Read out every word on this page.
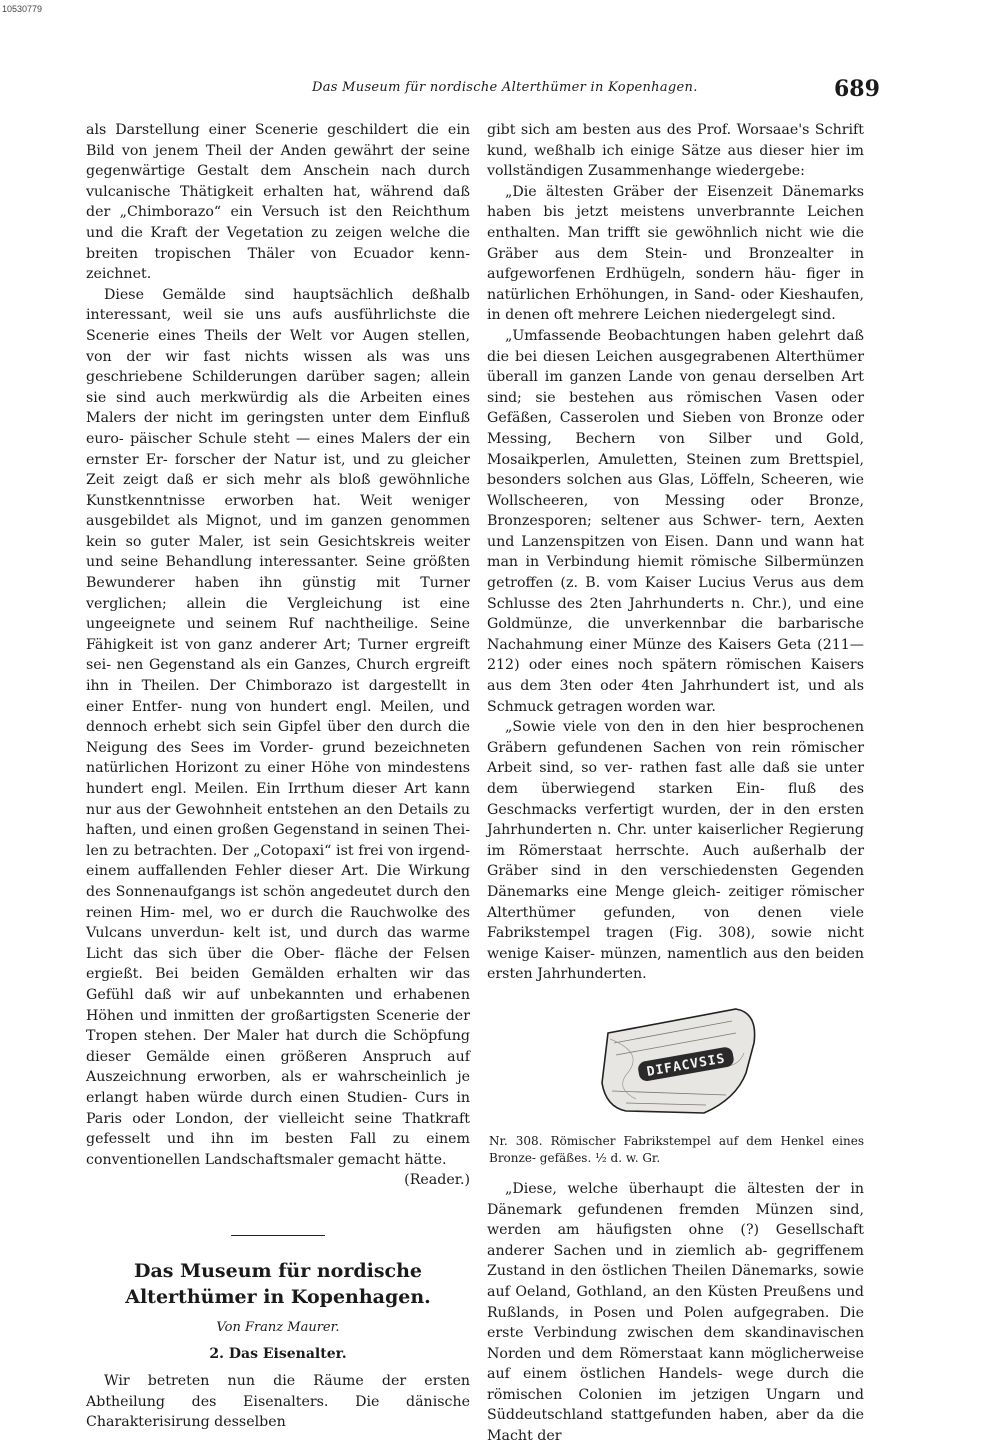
10530779
Das Museum für nordische Alterthümer in Kopenhagen.	689

als Darstellung einer Scenerie geschildert die ein Bild von jenem Theil der Anden gewährt der seine gegenwärtige Gestalt dem Anschein nach durch vulcanische Thätigkeit erhalten hat, während daß der „Chimborazo“ ein Versuch ist den Reichthum und die Kraft der Vegetation zu zeigen welche die breiten tropischen Thäler von Ecuador kenn- zeichnet.

Diese Gemälde sind hauptsächlich deßhalb interessant, weil sie uns aufs ausführlichste die Scenerie eines Theils der Welt vor Augen stellen, von der wir fast nichts wissen als was uns geschriebene Schilderungen darüber sagen; allein sie sind auch merkwürdig als die Arbeiten eines Malers der nicht im geringsten unter dem Einfluß euro- päischer Schule steht — eines Malers der ein ernster Er- forscher der Natur ist, und zu gleicher Zeit zeigt daß er sich mehr als bloß gewöhnliche Kunstkenntnisse erworben hat. Weit weniger ausgebildet als Mignot, und im ganzen genommen kein so guter Maler, ist sein Gesichtskreis weiter und seine Behandlung interessanter. Seine größten Bewunderer haben ihn günstig mit Turner verglichen; allein die Vergleichung ist eine ungeeignete und seinem Ruf nachtheilige. Seine Fähigkeit ist von ganz anderer Art; Turner ergreift sei- nen Gegenstand als ein Ganzes, Church ergreift ihn in Theilen. Der Chimborazo ist dargestellt in einer Entfer- nung von hundert engl. Meilen, und dennoch erhebt sich sein Gipfel über den durch die Neigung des Sees im Vorder- grund bezeichneten natürlichen Horizont zu einer Höhe von mindestens hundert engl. Meilen. Ein Irrthum dieser Art kann nur aus der Gewohnheit entstehen an den Details zu haften, und einen großen Gegenstand in seinen Thei- len zu betrachten. Der „Cotopaxi“ ist frei von irgend- einem auffallenden Fehler dieser Art. Die Wirkung des Sonnenaufgangs ist schön angedeutet durch den reinen Him- mel, wo er durch die Rauchwolke des Vulcans unverdun- kelt ist, und durch das warme Licht das sich über die Ober- fläche der Felsen ergießt. Bei beiden Gemälden erhalten wir das Gefühl daß wir auf unbekannten und erhabenen Höhen und inmitten der großartigsten Scenerie der Tropen stehen. Der Maler hat durch die Schöpfung dieser Gemälde einen größeren Anspruch auf Auszeichnung erworben, als er wahrscheinlich je erlangt haben würde durch einen Studien- Curs in Paris oder London, der vielleicht seine Thatkraft gefesselt und ihn im besten Fall zu einem conventionellen Landschaftsmaler gemacht hätte.

(Reader.)
Das Museum für nordische Alterthümer in Kopenhagen.
Von Franz Maurer.
2. Das Eisenalter.

Wir betreten nun die Räume der ersten Abtheilung des Eisenalters. Die dänische Charakterisirung desselben

gibt sich am besten aus des Prof. Worsaae's Schrift kund, weßhalb ich einige Sätze aus dieser hier im vollständigen Zusammenhange wiedergebe:

„Die ältesten Gräber der Eisenzeit Dänemarks haben bis jetzt meistens unverbrannte Leichen enthalten. Man trifft sie gewöhnlich nicht wie die Gräber aus dem Stein- und Bronzealter in aufgeworfenen Erdhügeln, sondern häu- figer in natürlichen Erhöhungen, in Sand- oder Kieshaufen, in denen oft mehrere Leichen niedergelegt sind.

„Umfassende Beobachtungen haben gelehrt daß die bei diesen Leichen ausgegrabenen Alterthümer überall im ganzen Lande von genau derselben Art sind; sie bestehen aus römischen Vasen oder Gefäßen, Casserolen und Sieben von Bronze oder Messing, Bechern von Silber und Gold, Mosaikperlen, Amuletten, Steinen zum Brettspiel, besonders solchen aus Glas, Löffeln, Scheeren, wie Wollscheeren, von Messing oder Bronze, Bronzesporen; seltener aus Schwer- tern, Aexten und Lanzenspitzen von Eisen. Dann und wann hat man in Verbindung hiemit römische Silbermünzen getroffen (z. B. vom Kaiser Lucius Verus aus dem Schlusse des 2ten Jahrhunderts n. Chr.), und eine Goldmünze, die unverkennbar die barbarische Nachahmung einer Münze des Kaisers Geta (211—212) oder eines noch spätern römischen Kaisers aus dem 3ten oder 4ten Jahrhundert ist, und als Schmuck getragen worden war.

„Sowie viele von den in den hier besprochenen Gräbern gefundenen Sachen von rein römischer Arbeit sind, so ver- rathen fast alle daß sie unter dem überwiegend starken Ein- fluß des Geschmacks verfertigt wurden, der in den ersten Jahrhunderten n. Chr. unter kaiserlicher Regierung im Römerstaat herrschte. Auch außerhalb der Gräber sind in den verschiedensten Gegenden Dänemarks eine Menge gleich- zeitiger römischer Alterthümer gefunden, von denen viele Fabrikstempel tragen (Fig. 308), sowie nicht wenige Kaiser- münzen, namentlich aus den beiden ersten Jahrhunderten.

DIFACVSIS
Nr. 308. Römischer Fabrikstempel auf dem Henkel eines Bronze- gefäßes. ½ d. w. Gr.

„Diese, welche überhaupt die ältesten der in Dänemark gefundenen fremden Münzen sind, werden am häufigsten ohne (?) Gesellschaft anderer Sachen und in ziemlich ab- gegriffenem Zustand in den östlichen Theilen Dänemarks, sowie auf Oeland, Gothland, an den Küsten Preußens und Rußlands, in Posen und Polen aufgegraben. Die erste Verbindung zwischen dem skandinavischen Norden und dem Römerstaat kann möglicherweise auf einem östlichen Handels- wege durch die römischen Colonien im jetzigen Ungarn und Süddeutschland stattgefunden haben, aber da die Macht der
